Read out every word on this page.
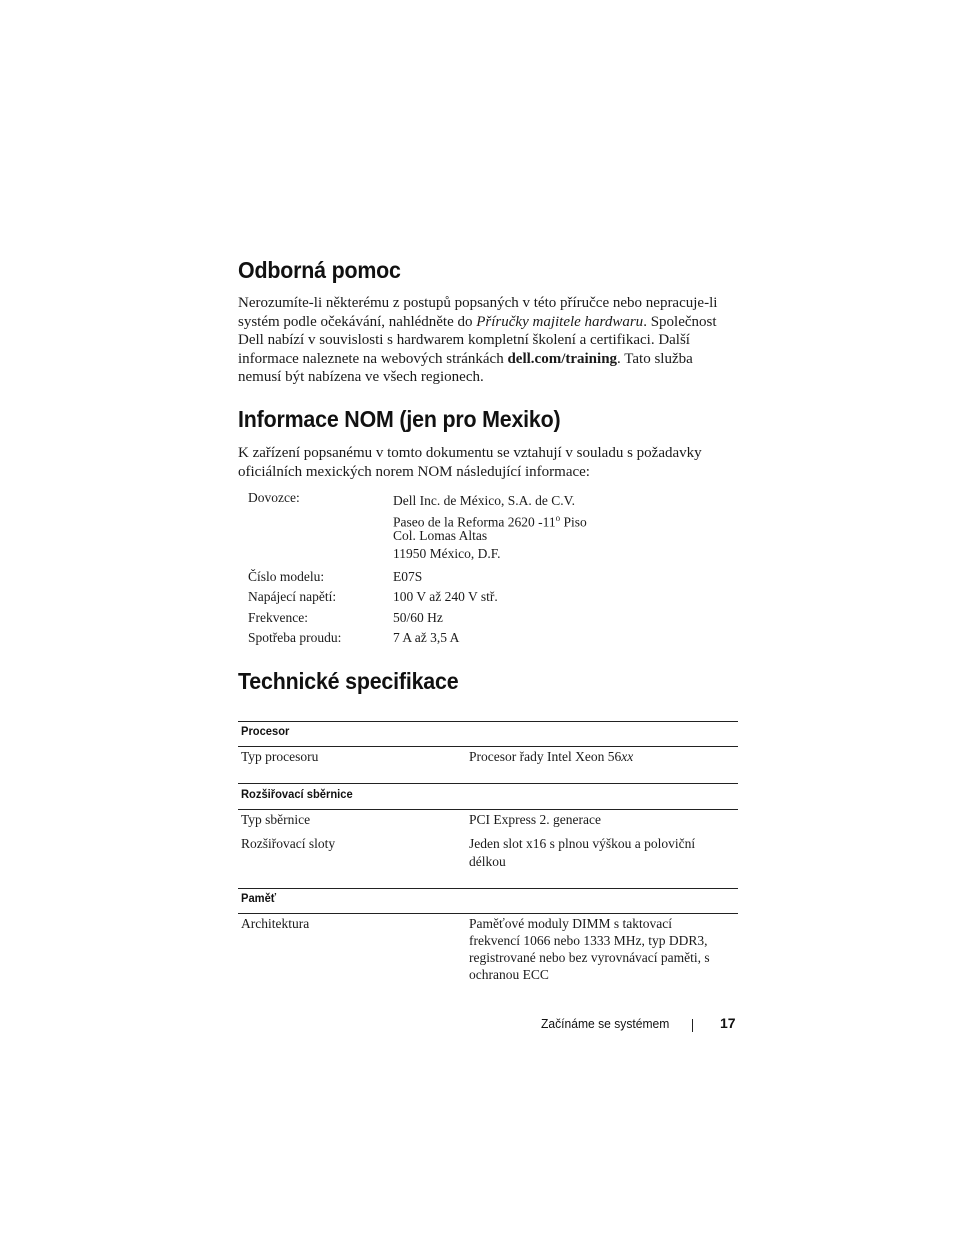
Odborná pomoc

Nerozumíte-li některému z postupů popsaných v této příručce nebo nepracuje-li systém podle očekávání, nahlédněte do Příručky majitele hardwaru. Společnost Dell nabízí v souvislosti s hardwarem kompletní školení a certifikaci. Další informace naleznete na webových stránkách dell.com/training. Tato služba nemusí být nabízena ve všech regionech.

Informace NOM (jen pro Mexiko)

K zařízení popsanému v tomto dokumentu se vztahují v souladu s požadavky oficiálních mexických norem NOM následující informace:

Dovozce:	Dell Inc. de México, S.A. de C.V.
Paseo de la Reforma 2620 -11$^o$ Piso
Col. Lomas Altas
11950 México, D.F.
Číslo modelu:	E07S
Napájecí napětí:	100 V až 240 V stř.
Frekvence:	50/60 Hz
Spotřeba proudu:	7 A až 3,5 A
Technické specifikace
Procesor
Typ procesoru	Procesor řady Intel Xeon 56xx
Rozšiřovací sběrnice
Typ sběrnice	PCI Express 2. generace
Rozšiřovací sloty	Jeden slot x16 s plnou výškou a poloviční
délkou
Paměť
Architektura	Paměťové moduly DIMM s taktovací
frekvencí 1066 nebo 1333 MHz, typ DDR3,
registrované nebo bez vyrovnávací paměti, s
ochranou ECC
Začínáme se systémem	17
